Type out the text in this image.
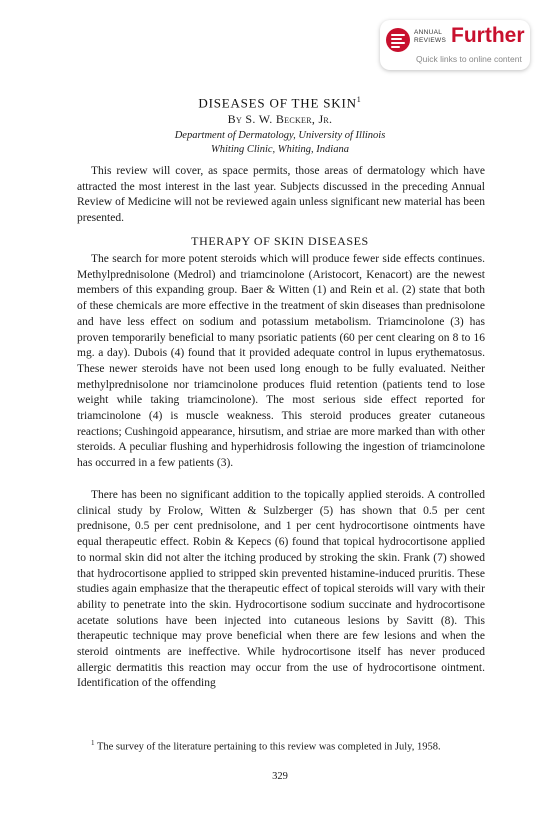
ANNUAL
REVIEWS Further
Quick links to online content
DISEASES OF THE SKIN$^1$
By S. W. Becker, Jr.
Department of Dermatology, University of Illinois
Whiting Clinic, Whiting, Indiana

This review will cover, as space permits, those areas of dermatology which have attracted the most interest in the last year. Subjects discussed in the preceding Annual Review of Medicine will not be reviewed again unless significant new material has been presented.

THERAPY OF SKIN DISEASES

The search for more potent steroids which will produce fewer side effects continues. Methylprednisolone (Medrol) and triamcinolone (Aristocort, Kenacort) are the newest members of this expanding group. Baer & Witten (1) and Rein et al. (2) state that both of these chemicals are more effective in the treatment of skin diseases than prednisolone and have less effect on sodium and potassium metabolism. Triamcinolone (3) has proven temporarily beneficial to many psoriatic patients (60 per cent clearing on 8 to 16 mg. a day). Dubois (4) found that it provided adequate control in lupus erythematosus. These newer steroids have not been used long enough to be fully evaluated. Neither methylprednisolone nor triamcinolone produces fluid retention (patients tend to lose weight while taking triamcinolone). The most serious side effect reported for triamcinolone (4) is muscle weakness. This steroid produces greater cutaneous reactions; Cushingoid appearance, hirsutism, and striae are more marked than with other steroids. A peculiar flushing and hyperhidrosis following the ingestion of triamcinolone has occurred in a few patients (3).

There has been no significant addition to the topically applied steroids. A controlled clinical study by Frolow, Witten & Sulzberger (5) has shown that 0.5 per cent prednisone, 0.5 per cent prednisolone, and 1 per cent hydrocortisone ointments have equal therapeutic effect. Robin & Kepecs (6) found that topical hydrocortisone applied to normal skin did not alter the itching produced by stroking the skin. Frank (7) showed that hydrocortisone applied to stripped skin prevented histamine-induced pruritis. These studies again emphasize that the therapeutic effect of topical steroids will vary with their ability to penetrate into the skin. Hydrocortisone sodium succinate and hydrocortisone acetate solutions have been injected into cutaneous lesions by Savitt (8). This therapeutic technique may prove beneficial when there are few lesions and when the steroid ointments are ineffective. While hydrocortisone itself has never produced allergic dermatitis this reaction may occur from the use of hydrocortisone ointment. Identification of the offending

$^1$ The survey of the literature pertaining to this review was completed in July, 1958.

329
